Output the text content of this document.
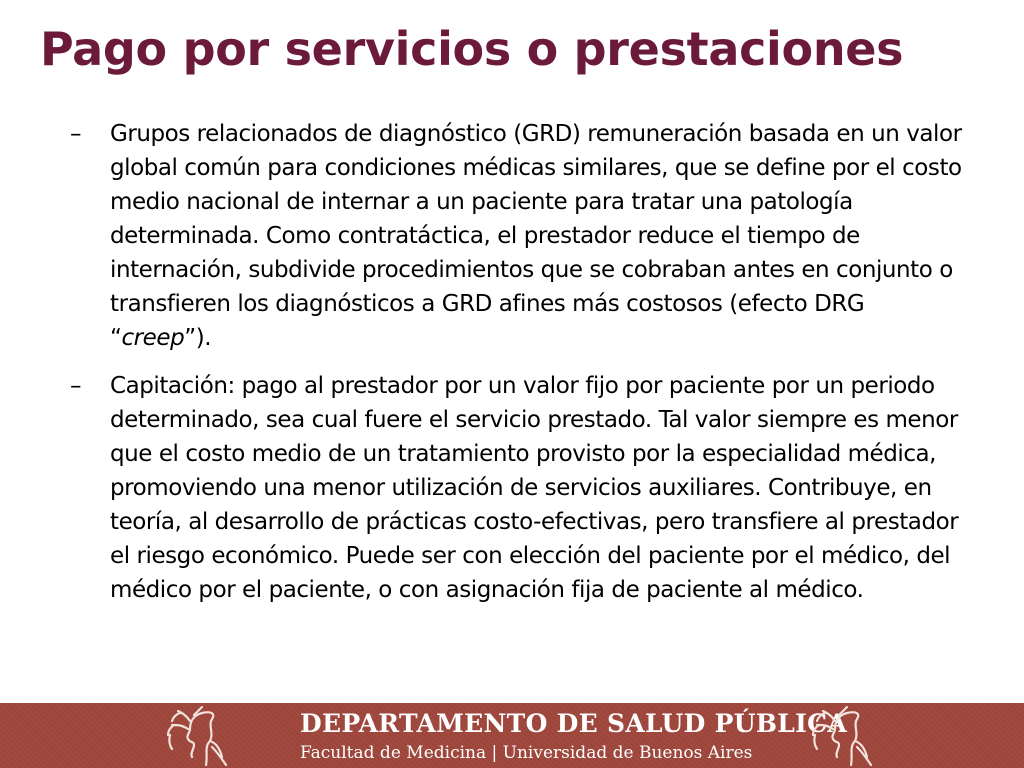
Pago por servicios o prestaciones
–	Grupos relacionados de diagnóstico (GRD) remuneración basada en un valor global común para condiciones médicas similares, que se define por el costo medio nacional de internar a un paciente para tratar una patología determinada. Como contratáctica, el prestador reduce el tiempo de internación, subdivide procedimientos que se cobraban antes en conjunto o transfieren los diagnósticos a GRD afines más costosos (efecto DRG “creep”).
–	Capitación: pago al prestador por un valor fijo por paciente por un periodo determinado, sea cual fuere el servicio prestado. Tal valor siempre es menor que el costo medio de un tratamiento provisto por la especialidad médica, promoviendo una menor utilización de servicios auxiliares. Contribuye, en teoría, al desarrollo de prácticas costo-efectivas, pero transfiere al prestador el riesgo económico. Puede ser con elección del paciente por el médico, del médico por el paciente, o con asignación fija de paciente al médico.
DEPARTAMENTO DE SALUD PÚBLICA
Facultad de Medicina | Universidad de Buenos Aires
